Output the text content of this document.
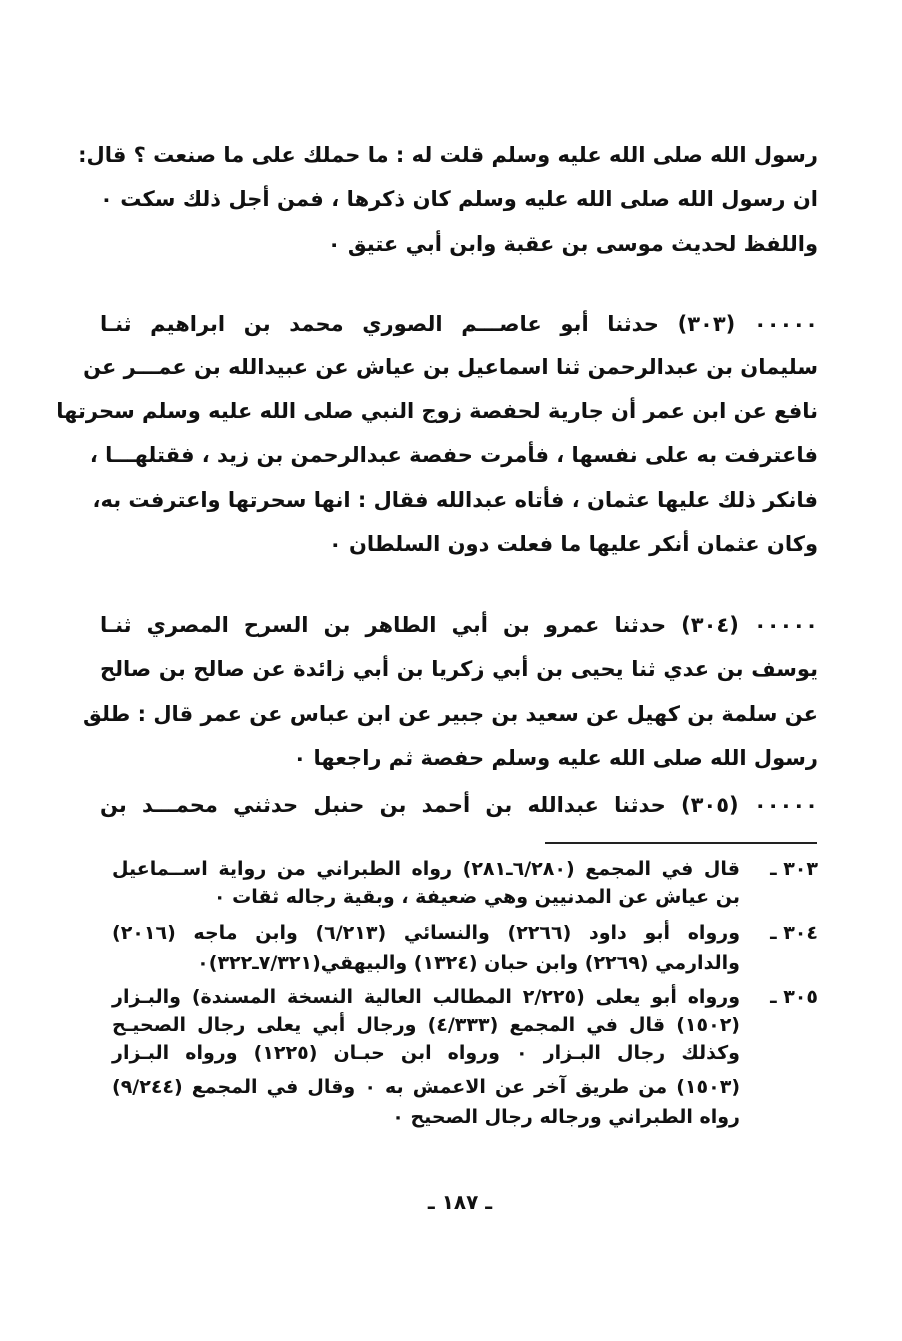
رسول الله صلى الله عليه وسلم قلت له : ما حملك على ما صنعت ؟ قال:
ان رسول الله صلى الله عليه وسلم كان ذكرها ، فمن أجل ذلك سكت ٠
واللفظ لحديث موسى بن عقبة وابن أبي عتيق ٠
٠٠٠٠٠ (٣٠٣) حدثنا أبو عاصـــم الصوري محمد بن ابراهيم ثنـا
سليمان بن عبدالرحمن ثنا اسماعيل بن عياش عن عبيدالله بن عمـــر عن
نافع عن ابن عمر أن جارية لحفصة زوج النبي صلى الله عليه وسلم سحرتها
فاعترفت به على نفسها ، فأمرت حفصة عبدالرحمن بن زيد ، فقتلهـــا ،
فانكر ذلك عليها عثمان ، فأتاه عبدالله فقال : انها سحرتها واعترفت به،
وكان عثمان أنكر عليها ما فعلت دون السلطان ٠
٠٠٠٠٠ (٣٠٤) حدثنا عمرو بن أبي الطاهر بن السرح المصري ثنـا
يوسف بن عدي ثنا يحيى بن أبي زكريا بن أبي زائدة عن صالح بن صالح
عن سلمة بن كهيل عن سعيد بن جبير عن ابن عباس عن عمر قال : طلق
رسول الله صلى الله عليه وسلم حفصة ثم راجعها ٠
٠٠٠٠٠ (٣٠٥) حدثنا عبدالله بن أحمد بن حنبل حدثني محمـــد بن
٣٠٣ ـ
قال في المجمع (٦/٢٨٠ـ٢٨١) رواه الطبراني من رواية اســماعيل
بن عياش عن المدنيين وهي ضعيفة ، وبقية رجاله ثقات ٠
٣٠٤ ـ
ورواه أبو داود (٢٢٦٦) والنسائي (٦/٢١٣) وابن ماجه (٢٠١٦)
والدارمي (٢٢٦٩) وابن حبان (١٣٢٤) والبيهقي(٧/٣٢١ـ٣٢٢)٠
٣٠٥ ـ
ورواه أبو يعلى (٢/٢٢٥ المطالب العالية النسخة المسندة) والبـزار
(١٥٠٢) قال في المجمع (٤/٣٣٣) ورجال أبي يعلى رجال الصحيـح
وكذلك رجال البـزار ٠ ورواه ابن حبـان (١٢٢٥) ورواه البـزار
(١٥٠٣) من طريق آخر عن الاعمش به ٠ وقال في المجمع (٩/٢٤٤)
رواه الطبراني ورجاله رجال الصحيح ٠
ـ ١٨٧ ـ
